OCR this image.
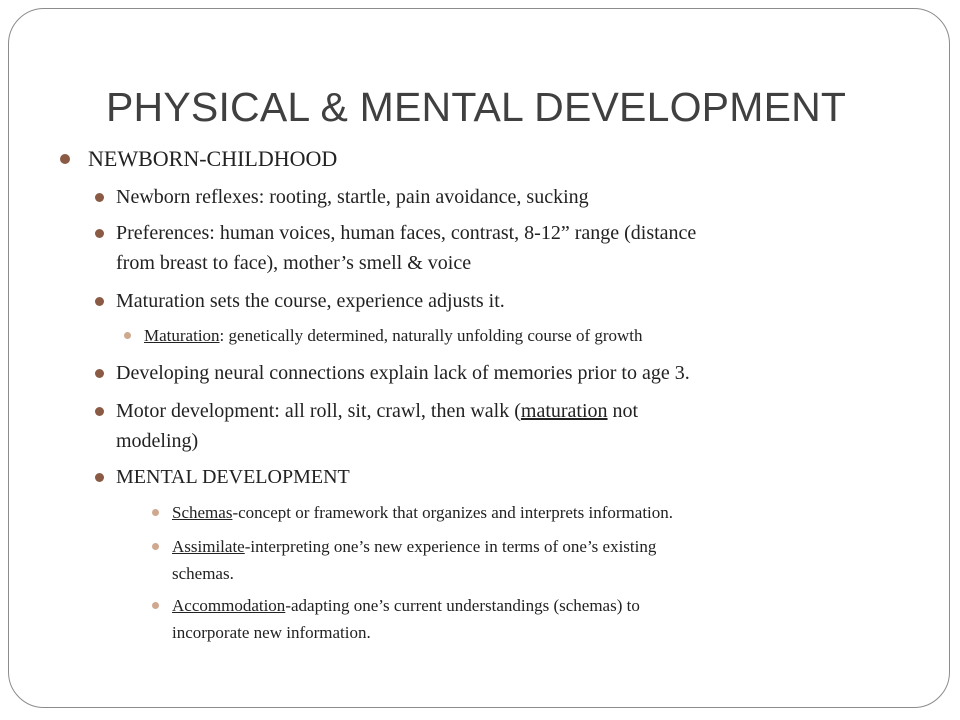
PHYSICAL & MENTAL DEVELOPMENT

NEWBORN-CHILDHOOD

Newborn reflexes: rooting, startle, pain avoidance, sucking

Preferences: human voices, human faces, contrast, 8-12” range (distance
from breast to face), mother’s smell & voice

Maturation sets the course, experience adjusts it.

Maturation: genetically determined, naturally unfolding course of growth

Developing neural connections explain lack of memories prior to age 3.

Motor development: all roll, sit, crawl, then walk (maturation not
modeling)

MENTAL DEVELOPMENT

Schemas-concept or framework that organizes and interprets information.

Assimilate-interpreting one’s new experience in terms of one’s existing
schemas.

Accommodation-adapting one’s current understandings (schemas) to
incorporate new information.
